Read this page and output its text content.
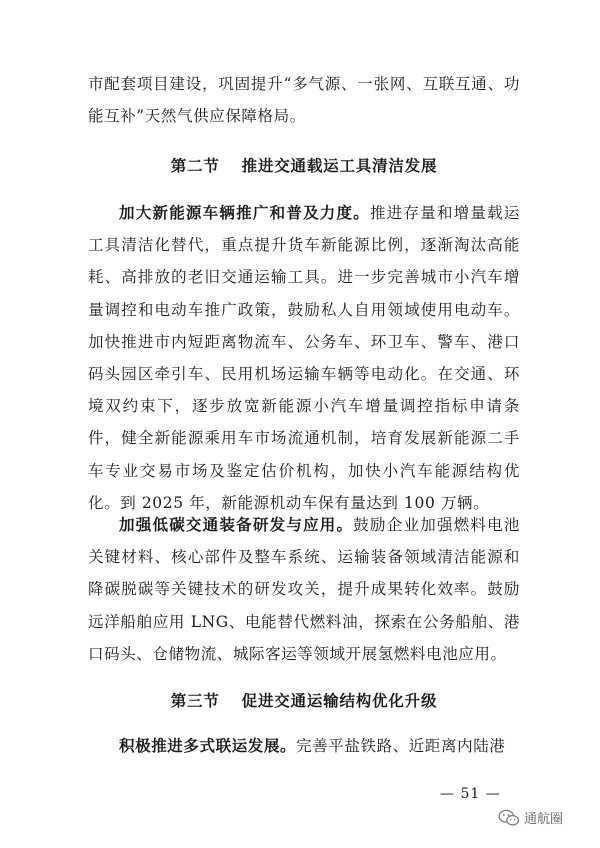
市配套项目建设，巩固提升“多气源、一张网、互联互通、功能互补”天然气供应保障格局。

第二节 推进交通载运工具清洁发展

加大新能源车辆推广和普及力度。推进存量和增量载运工具清洁化替代，重点提升货车新能源比例，逐渐淘汰高能耗、高排放的老旧交通运输工具。进一步完善城市小汽车增量调控和电动车推广政策，鼓励私人自用领域使用电动车。加快推进市内短距离物流车、公务车、环卫车、警车、港口码头园区牵引车、民用机场运输车辆等电动化。在交通、环境双约束下，逐步放宽新能源小汽车增量调控指标申请条件，健全新能源乘用车市场流通机制，培育发展新能源二手车专业交易市场及鉴定估价机构，加快小汽车能源结构优化。到 2025 年，新能源机动车保有量达到 100 万辆。

加强低碳交通装备研发与应用。鼓励企业加强燃料电池关键材料、核心部件及整车系统、运输装备领域清洁能源和降碳脱碳等关键技术的研发攻关，提升成果转化效率。鼓励远洋船舶应用 LNG、电能替代燃料油，探索在公务船舶、港口码头、仓储物流、城际客运等领域开展氢燃料电池应用。

第三节 促进交通运输结构优化升级

积极推进多式联运发展。完善平盐铁路、近距离内陆港

— 51 —
通航圈
